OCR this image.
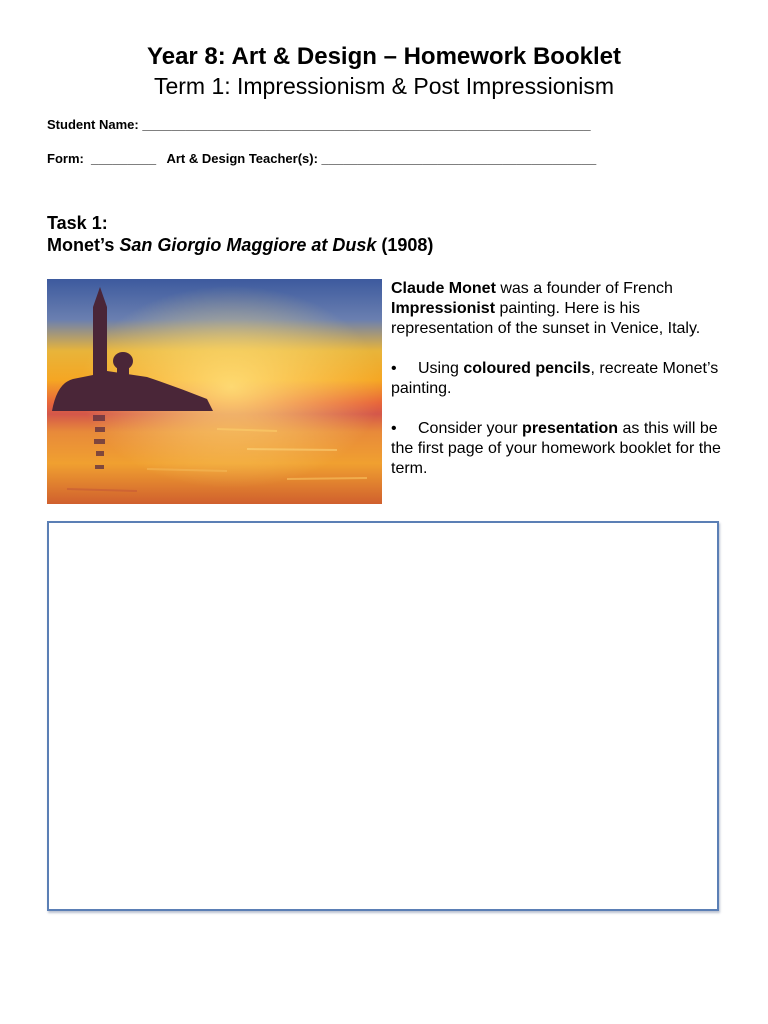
Year 8: Art & Design – Homework Booklet
Term 1: Impressionism & Post Impressionism
Student Name: ______________________________________________________________
Form:  _________   Art & Design Teacher(s): ______________________________________
Task 1:
Monet’s San Giorgio Maggiore at Dusk (1908)

Claude Monet was a founder of French Impressionist painting. Here is his representation of the sunset in Venice, Italy.

• Using coloured pencils, recreate Monet’s painting.

• Consider your presentation as this will be the first page of your homework booklet for the term.
